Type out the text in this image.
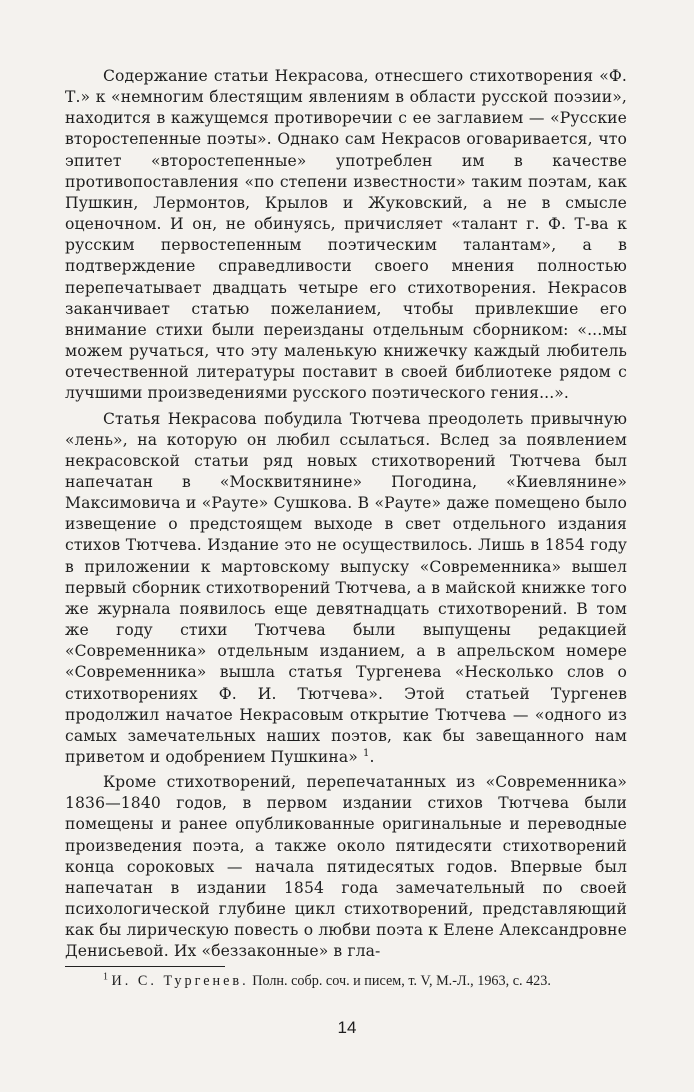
Содержание статьи Некрасова, отнесшего стихотворения «Ф. Т.» к «немногим блестящим явлениям в области русской поэзии», находится в кажущемся противоречии с ее заглавием — «Русские второстепенные поэты». Однако сам Некрасов оговаривается, что эпитет «второстепенные» употреблен им в качестве противопоставления «по степени известности» таким поэтам, как Пушкин, Лермонтов, Крылов и Жуковский, а не в смысле оценочном. И он, не обинуясь, причисляет «талант г. Ф. Т-ва к русским первостепенным поэтическим талантам», а в подтверждение справедливости своего мнения полностью перепечатывает двадцать четыре его стихотворения. Некрасов заканчивает статью пожеланием, чтобы привлекшие его внимание стихи были переизданы отдельным сборником: «...мы можем ручаться, что эту маленькую книжечку каждый любитель отечественной литературы поставит в своей библиотеке рядом с лучшими произведениями русского поэтического гения...».

Статья Некрасова побудила Тютчева преодолеть привычную «лень», на которую он любил ссылаться. Вслед за появлением некрасовской статьи ряд новых стихотворений Тютчева был напечатан в «Москвитянине» Погодина, «Киевлянине» Максимовича и «Рауте» Сушкова. В «Рауте» даже помещено было извещение о предстоящем выходе в свет отдельного издания стихов Тютчева. Издание это не осуществилось. Лишь в 1854 году в приложении к мартовскому выпуску «Современника» вышел первый сборник стихотворений Тютчева, а в майской книжке того же журнала появилось еще девятнадцать стихотворений. В том же году стихи Тютчева были выпущены редакцией «Современника» отдельным изданием, а в апрельском номере «Современника» вышла статья Тургенева «Несколько слов о стихотворениях Ф. И. Тютчева». Этой статьей Тургенев продолжил начатое Некрасовым открытие Тютчева — «одного из самых замечательных наших поэтов, как бы завещанного нам приветом и одобрением Пушкина» $^1$.

Кроме стихотворений, перепечатанных из «Современника» 1836—1840 годов, в первом издании стихов Тютчева были помещены и ранее опубликованные оригинальные и переводные произведения поэта, а также около пятидесяти стихотворений конца сороковых — начала пятидесятых годов. Впервые был напечатан в издании 1854 года замечательный по своей психологической глубине цикл стихотворений, представляющий как бы лирическую повесть о любви поэта к Елене Александровне Денисьевой. Их «беззаконные» в гла-

$^1$ И. С. Тургенев. Полн. собр. соч. и писем, т. V, М.-Л., 1963, с. 423.
14
